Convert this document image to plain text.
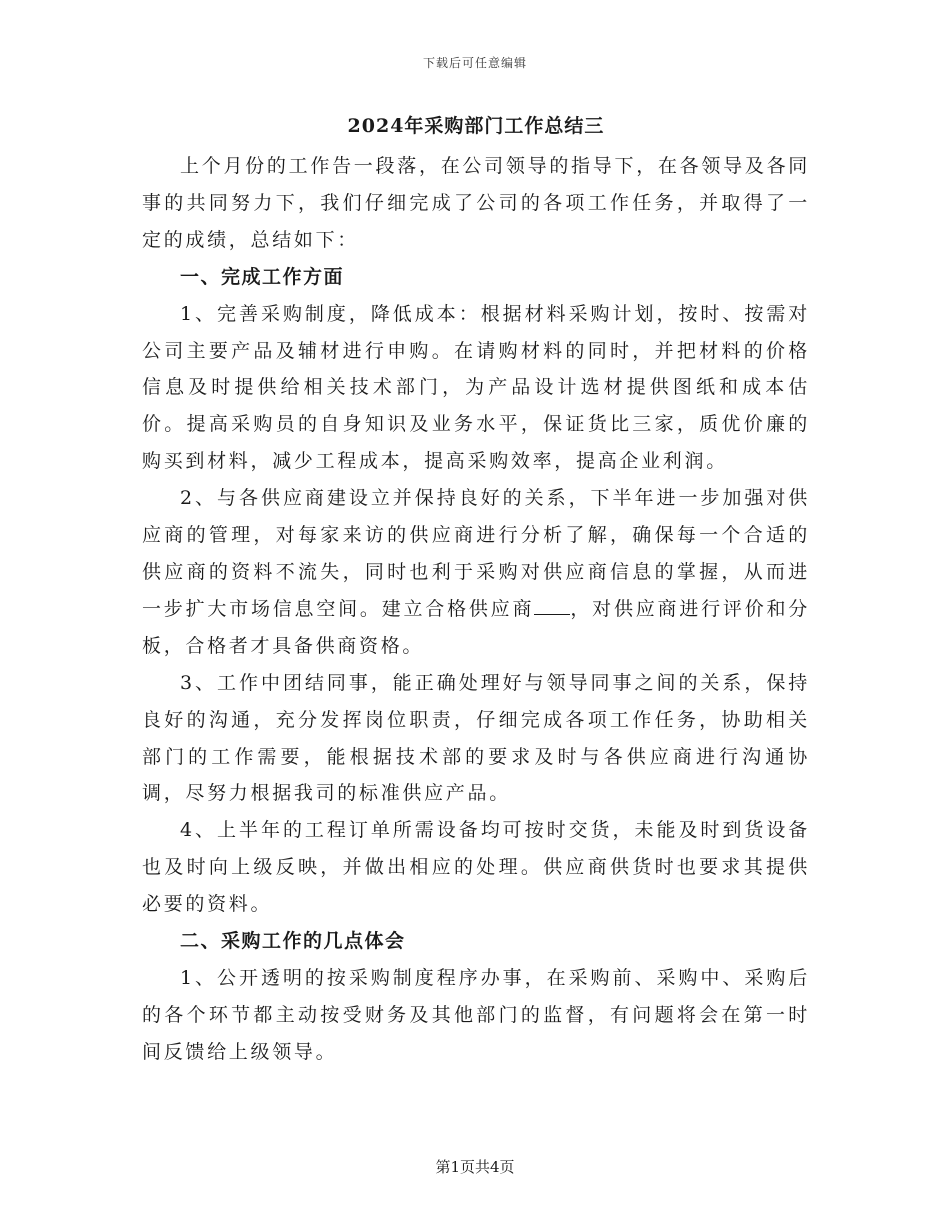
下载后可任意编辑
2024年采购部门工作总结三

上个月份的工作告一段落，在公司领导的指导下，在各领导及各同事的共同努力下，我们仔细完成了公司的各项工作任务，并取得了一定的成绩，总结如下：

一、完成工作方面

1、完善采购制度，降低成本：根据材料采购计划，按时、按需对公司主要产品及辅材进行申购。在请购材料的同时，并把材料的价格信息及时提供给相关技术部门，为产品设计选材提供图纸和成本估价。提高采购员的自身知识及业务水平，保证货比三家，质优价廉的购买到材料，减少工程成本，提高采购效率，提高企业利润。

2、与各供应商建设立并保持良好的关系，下半年进一步加强对供应商的管理，对每家来访的供应商进行分析了解，确保每一个合适的供应商的资料不流失，同时也利于采购对供应商信息的掌握，从而进一步扩大市场信息空间。建立合格供应商 ，对供应商进行评价和分板，合格者才具备供商资格。

3、工作中团结同事，能正确处理好与领导同事之间的关系，保持良好的沟通，充分发挥岗位职责，仔细完成各项工作任务，协助相关部门的工作需要，能根据技术部的要求及时与各供应商进行沟通协调，尽努力根据我司的标准供应产品。

4、上半年的工程订单所需设备均可按时交货，未能及时到货设备也及时向上级反映，并做出相应的处理。供应商供货时也要求其提供必要的资料。

二、采购工作的几点体会

1、公开透明的按采购制度程序办事，在采购前、采购中、采购后的各个环节都主动按受财务及其他部门的监督，有问题将会在第一时间反馈给上级领导。

第1页共4页
